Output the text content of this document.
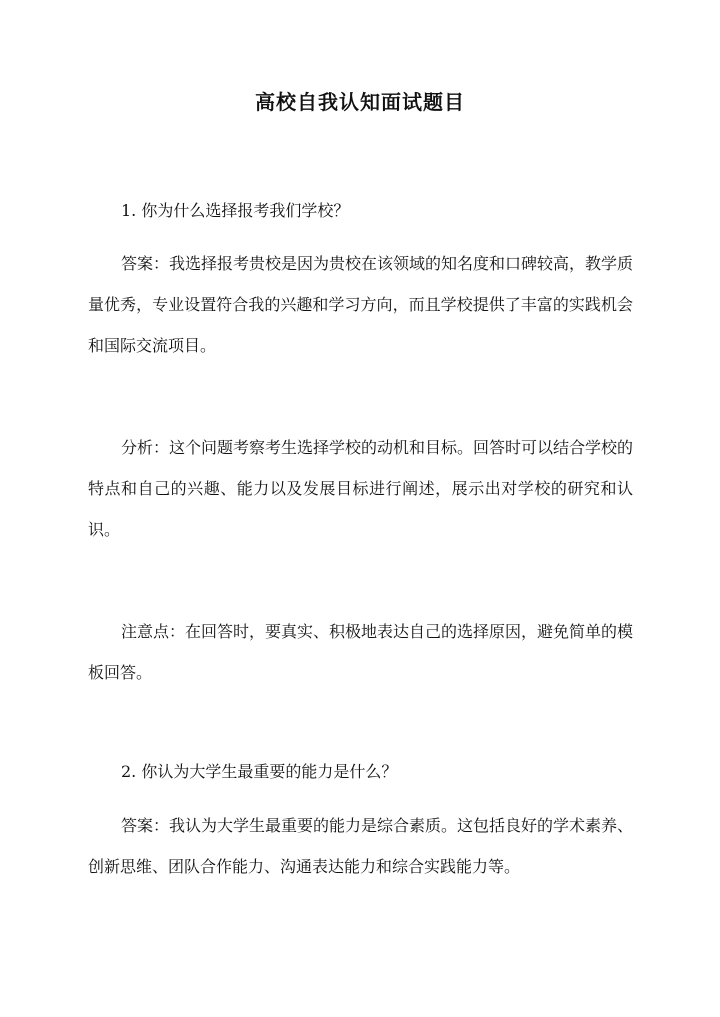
高校自我认知面试题目

1. 你为什么选择报考我们学校？

答案：我选择报考贵校是因为贵校在该领域的知名度和口碑较高，教学质量优秀，专业设置符合我的兴趣和学习方向，而且学校提供了丰富的实践机会和国际交流项目。

分析：这个问题考察考生选择学校的动机和目标。回答时可以结合学校的特点和自己的兴趣、能力以及发展目标进行阐述，展示出对学校的研究和认识。

注意点：在回答时，要真实、积极地表达自己的选择原因，避免简单的模板回答。

2. 你认为大学生最重要的能力是什么？

答案：我认为大学生最重要的能力是综合素质。这包括良好的学术素养、创新思维、团队合作能力、沟通表达能力和综合实践能力等。
